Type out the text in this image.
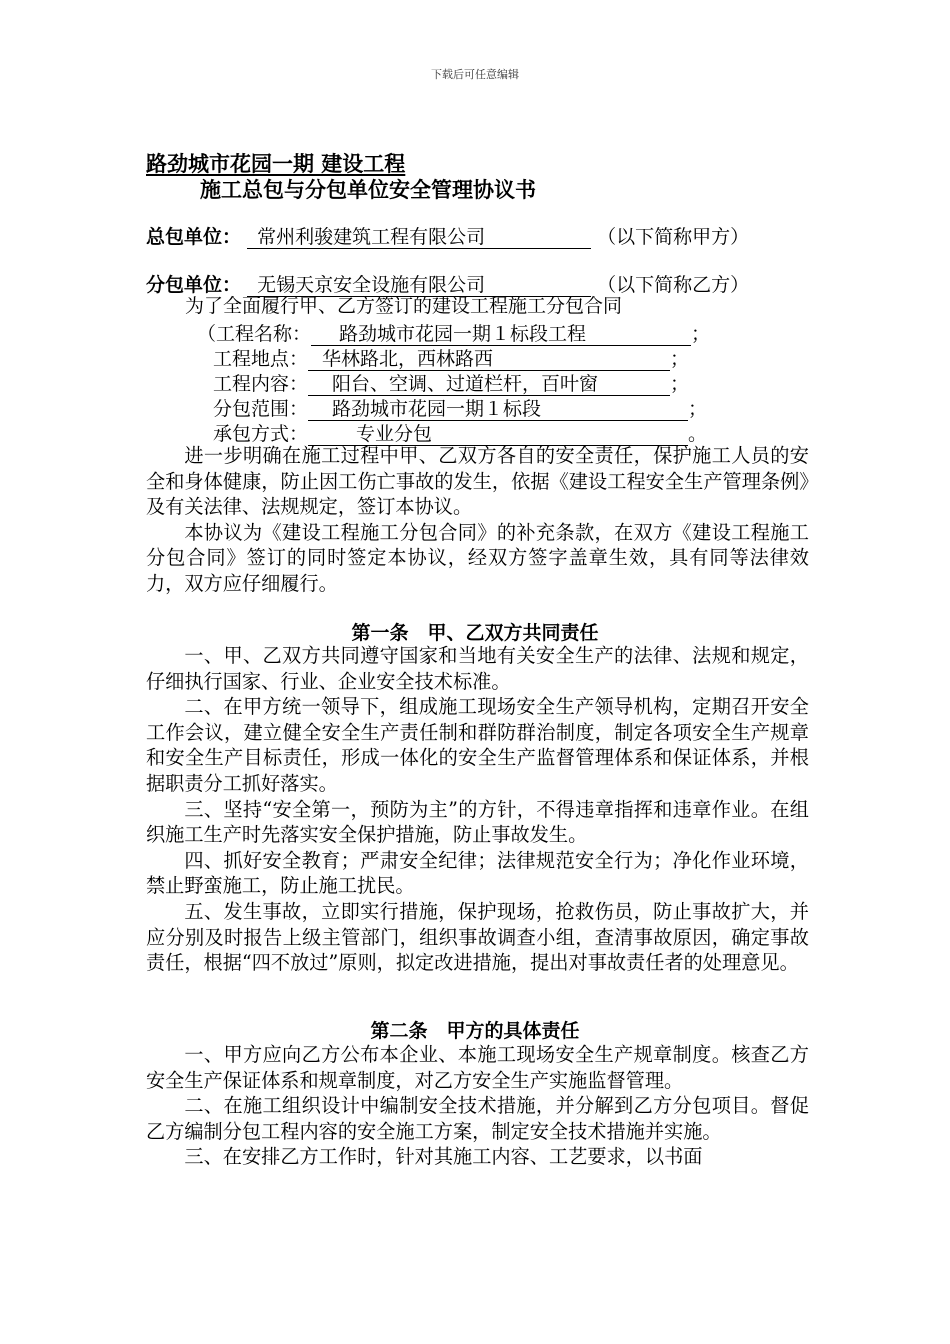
下载后可任意编辑
路劲城市花园一期 建设工程
施工总包与分包单位安全管理协议书
总包单位： 常州利骏建筑工程有限公司	（以下简称甲方）
分包单位： 无锡天京安全设施有限公司	（以下简称乙方）
为了全面履行甲、乙方签订的建设工程施工分包合同
（工程名称： 路劲城市花园一期１标段工程	；
工程地点： 华林路北，西林路西	；
工程内容： 阳台、空调、过道栏杆，百叶窗	；
分包范围： 路劲城市花园一期１标段	；
承包方式：	专业分包	。

进一步明确在施工过程中甲、乙双方各自的安全责任，保护施工人员的安全和身体健康，防止因工伤亡事故的发生，依据《建设工程安全生产管理条例》及有关法律、法规规定，签订本协议。

本协议为《建设工程施工分包合同》的补充条款，在双方《建设工程施工分包合同》签订的同时签定本协议，经双方签字盖章生效，具有同等法律效力，双方应仔细履行。

第一条　甲、乙双方共同责任

一、甲、乙双方共同遵守国家和当地有关安全生产的法律、法规和规定，仔细执行国家、行业、企业安全技术标准。

二、在甲方统一领导下，组成施工现场安全生产领导机构，定期召开安全工作会议，建立健全安全生产责任制和群防群治制度，制定各项安全生产规章和安全生产目标责任，形成一体化的安全生产监督管理体系和保证体系，并根据职责分工抓好落实。

三、坚持“安全第一，预防为主”的方针，不得违章指挥和违章作业。在组织施工生产时先落实安全保护措施，防止事故发生。

四、抓好安全教育；严肃安全纪律；法律规范安全行为；净化作业环境，禁止野蛮施工，防止施工扰民。

五、发生事故，立即实行措施，保护现场，抢救伤员，防止事故扩大，并应分别及时报告上级主管部门，组织事故调查小组，查清事故原因，确定事故责任，根据“四不放过”原则，拟定改进措施，提出对事故责任者的处理意见。

第二条　甲方的具体责任

一、甲方应向乙方公布本企业、本施工现场安全生产规章制度。核查乙方安全生产保证体系和规章制度，对乙方安全生产实施监督管理。

二、在施工组织设计中编制安全技术措施，并分解到乙方分包项目。督促乙方编制分包工程内容的安全施工方案，制定安全技术措施并实施。

三、在安排乙方工作时，针对其施工内容、工艺要求，以书面
